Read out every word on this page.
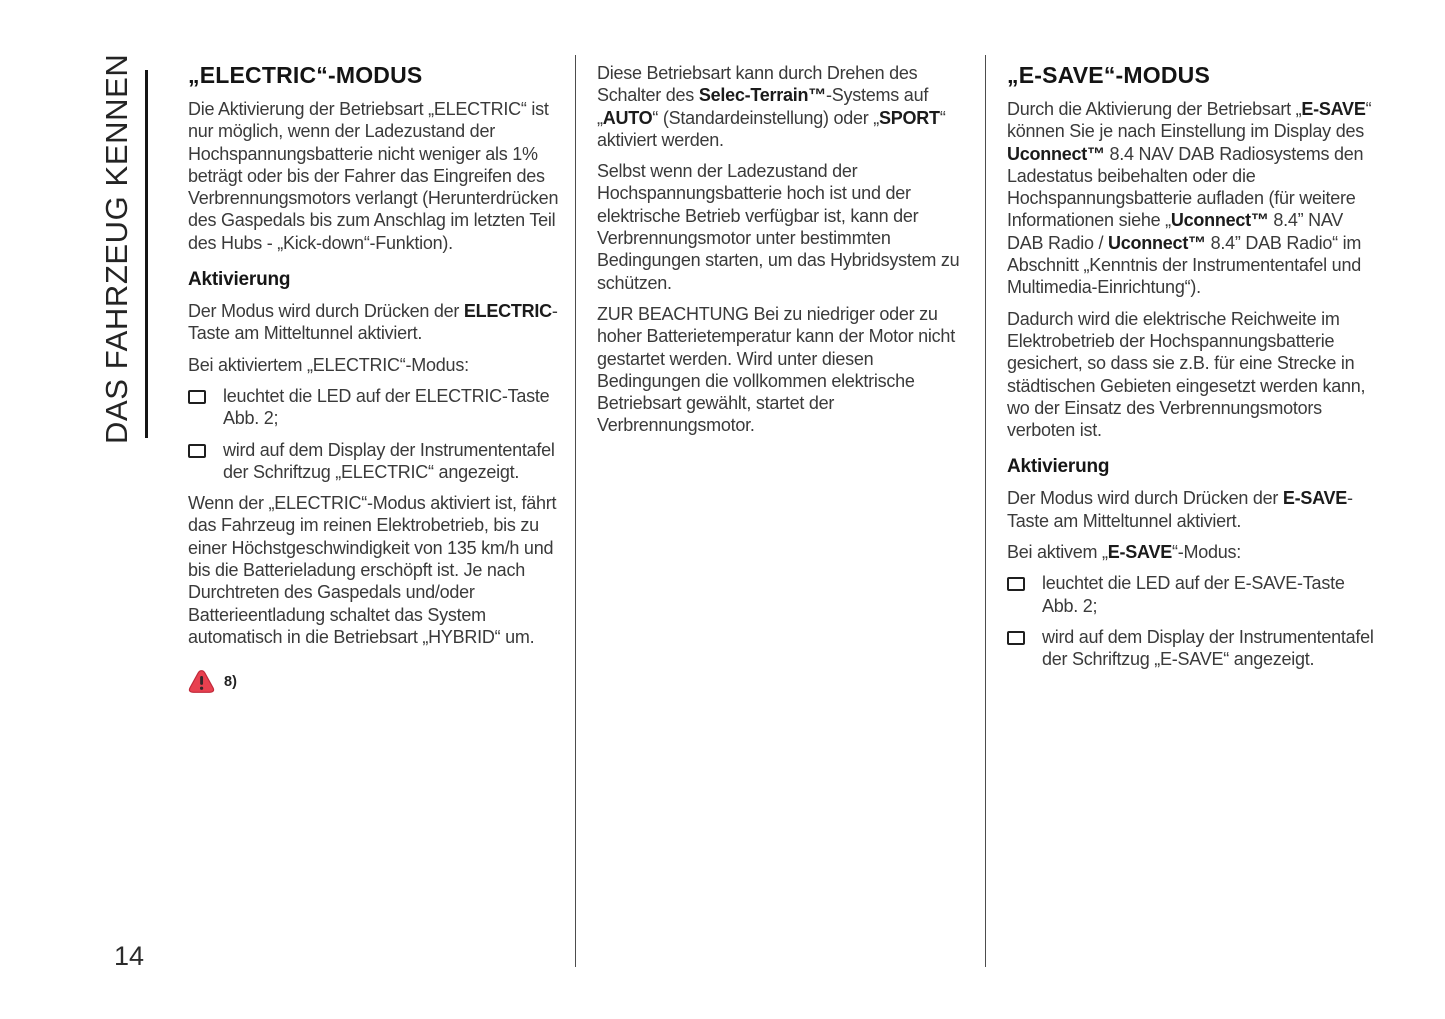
DAS FAHRZEUG KENNEN „ELECTRIC“-MODUS

Die Aktivierung der Betriebsart „ELECTRIC“ ist nur möglich, wenn der Ladezustand der Hochspannungsbatterie nicht weniger als 1% beträgt oder bis der Fahrer das Eingreifen des Verbrennungsmotors verlangt (Herunterdrücken des Gaspedals bis zum Anschlag im letzten Teil des Hubs - „Kick-down“-Funktion).

Aktivierung

Der Modus wird durch Drücken der ELECTRIC-Taste am Mitteltunnel aktiviert.

Bei aktiviertem „ELECTRIC“-Modus:

leuchtet die LED auf der ELECTRIC-Taste Abb. 2;
wird auf dem Display der Instrumententafel der Schriftzug „ELECTRIC“ angezeigt.

Wenn der „ELECTRIC“-Modus aktiviert ist, fährt das Fahrzeug im reinen Elektrobetrieb, bis zu einer Höchstgeschwindigkeit von 135 km/h und bis die Batterieladung erschöpft ist. Je nach Durchtreten des Gaspedals und/oder Batterieentladung schaltet das System automatisch in die Betriebsart „HYBRID“ um.

8)

Diese Betriebsart kann durch Drehen des Schalter des Selec-Terrain™-Systems auf „AUTO“ (Standardeinstellung) oder „SPORT“ aktiviert werden.

Selbst wenn der Ladezustand der Hochspannungsbatterie hoch ist und der elektrische Betrieb verfügbar ist, kann der Verbrennungsmotor unter bestimmten Bedingungen starten, um das Hybridsystem zu schützen.

ZUR BEACHTUNG Bei zu niedriger oder zu hoher Batterietemperatur kann der Motor nicht gestartet werden. Wird unter diesen Bedingungen die vollkommen elektrische Betriebsart gewählt, startet der Verbrennungsmotor.

„E-SAVE“-MODUS

Durch die Aktivierung der Betriebsart „E-SAVE“ können Sie je nach Einstellung im Display des Uconnect™ 8.4 NAV DAB Radiosystems den Ladestatus beibehalten oder die Hochspannungsbatterie aufladen (für weitere Informationen siehe „Uconnect™ 8.4” NAV DAB Radio / Uconnect™ 8.4” DAB Radio“ im Abschnitt „Kenntnis der Instrumententafel und Multimedia-Einrichtung“).

Dadurch wird die elektrische Reichweite im Elektrobetrieb der Hochspannungsbatterie gesichert, so dass sie z.B. für eine Strecke in städtischen Gebieten eingesetzt werden kann, wo der Einsatz des Verbrennungsmotors verboten ist.

Aktivierung

Der Modus wird durch Drücken der E-SAVE-Taste am Mitteltunnel aktiviert.

Bei aktivem „E-SAVE“-Modus:

leuchtet die LED auf der E-SAVE-Taste Abb. 2;
wird auf dem Display der Instrumententafel der Schriftzug „E-SAVE“ angezeigt.
14
